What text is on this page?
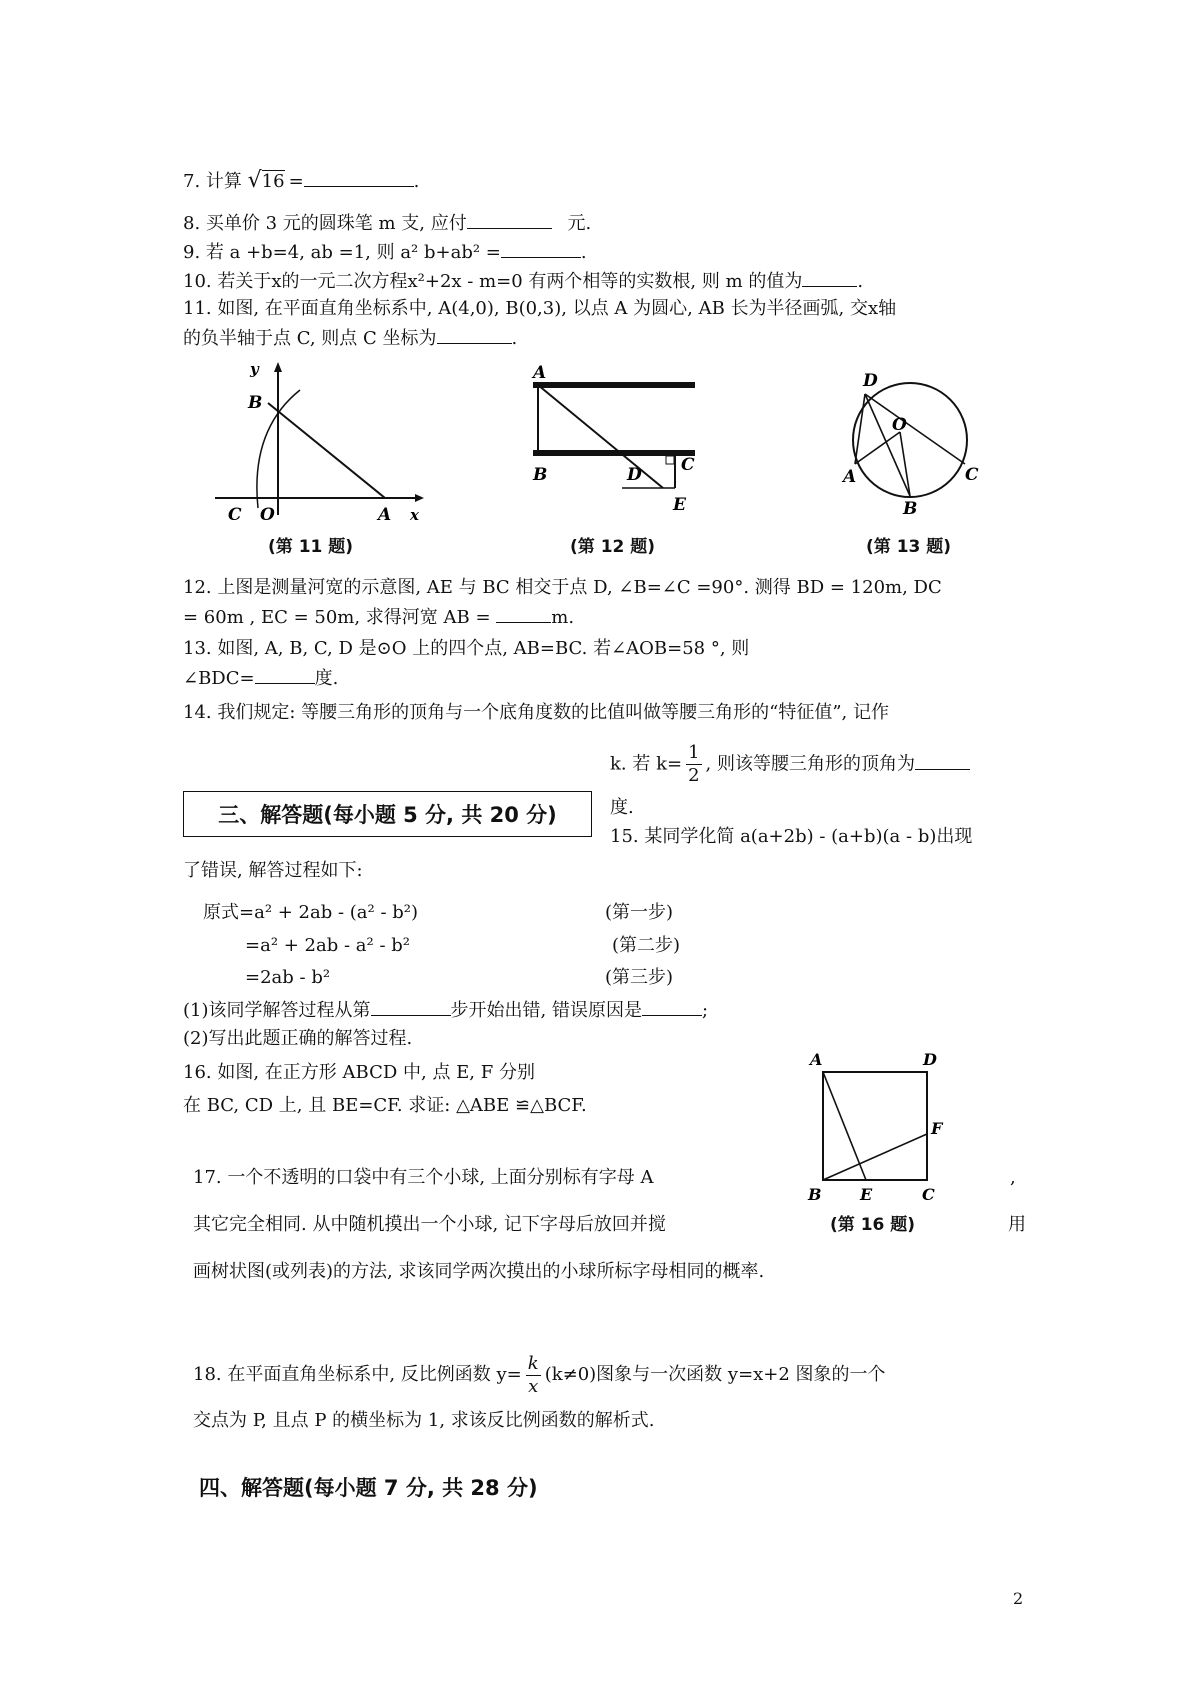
7. 计算 √16 =	.
8. 买单价 3 元的圆珠笔 m 支, 应付	元.
9. 若 a +b=4, ab =1, 则 a² b+ab² =	.
10. 若关于x的一元二次方程x²+2x - m=0 有两个相等的实数根, 则 m 的值为	.
11. 如图, 在平面直角坐标系中, A(4,0), B(0,3), 以点 A 为圆心, AB 长为半径画弧, 交x轴
的负半轴于点 C, 则点 C 坐标为	.
y
B
C O	A x
(第 11 题)
A
B	D C
E
(第 12 题)
D
O
A	C
B
(第 13 题)
12. 上图是测量河宽的示意图, AE 与 BC 相交于点 D, ∠B=∠C =90°. 测得 BD = 120m, DC
= 60m , EC = 50m, 求得河宽 AB =	m.
13. 如图, A, B, C, D 是⊙O 上的四个点, AB=BC. 若∠AOB=58 °, 则
∠BDC=	度.
14. 我们规定: 等腰三角形的顶角与一个底角度数的比值叫做等腰三角形的“特征值”, 记作
k. 若 $k= \frac{1}{2}$ , 则该等腰三角形的顶角为
度.
三、解答题(每小题 5 分, 共 20 分)
15. 某同学化简 a(a+2b) - (a+b)(a - b)出现
了错误, 解答过程如下:
原式=a² + 2ab - (a² - b²)	(第一步)
=a² + 2ab - a² - b²	(第二步)
=2ab - b²	(第三步)
(1)该同学解答过程从第	步开始出错, 错误原因是	;
(2)写出此题正确的解答过程.
16. 如图, 在正方形 ABCD 中, 点 E, F 分别
在 BC, CD 上, 且 BE=CF. 求证: △ABE ≌△BCF.
17. 一个不透明的口袋中有三个小球, 上面分别标有字母 A	,
其它完全相同. 从中随机摸出一个小球, 记下字母后放回并搅	用
画树状图(或列表)的方法, 求该同学两次摸出的小球所标字母相同的概率.
A	D
F
B E	C
(第 16 题)
18. 在平面直角坐标系中, 反比例函数 $y= \frac{k}{x} (k\ne 0)$图象与一次函数 y=x+2 图象的一个
交点为 P, 且点 P 的横坐标为 1, 求该反比例函数的解析式.
四、解答题(每小题 7 分, 共 28 分)
2
